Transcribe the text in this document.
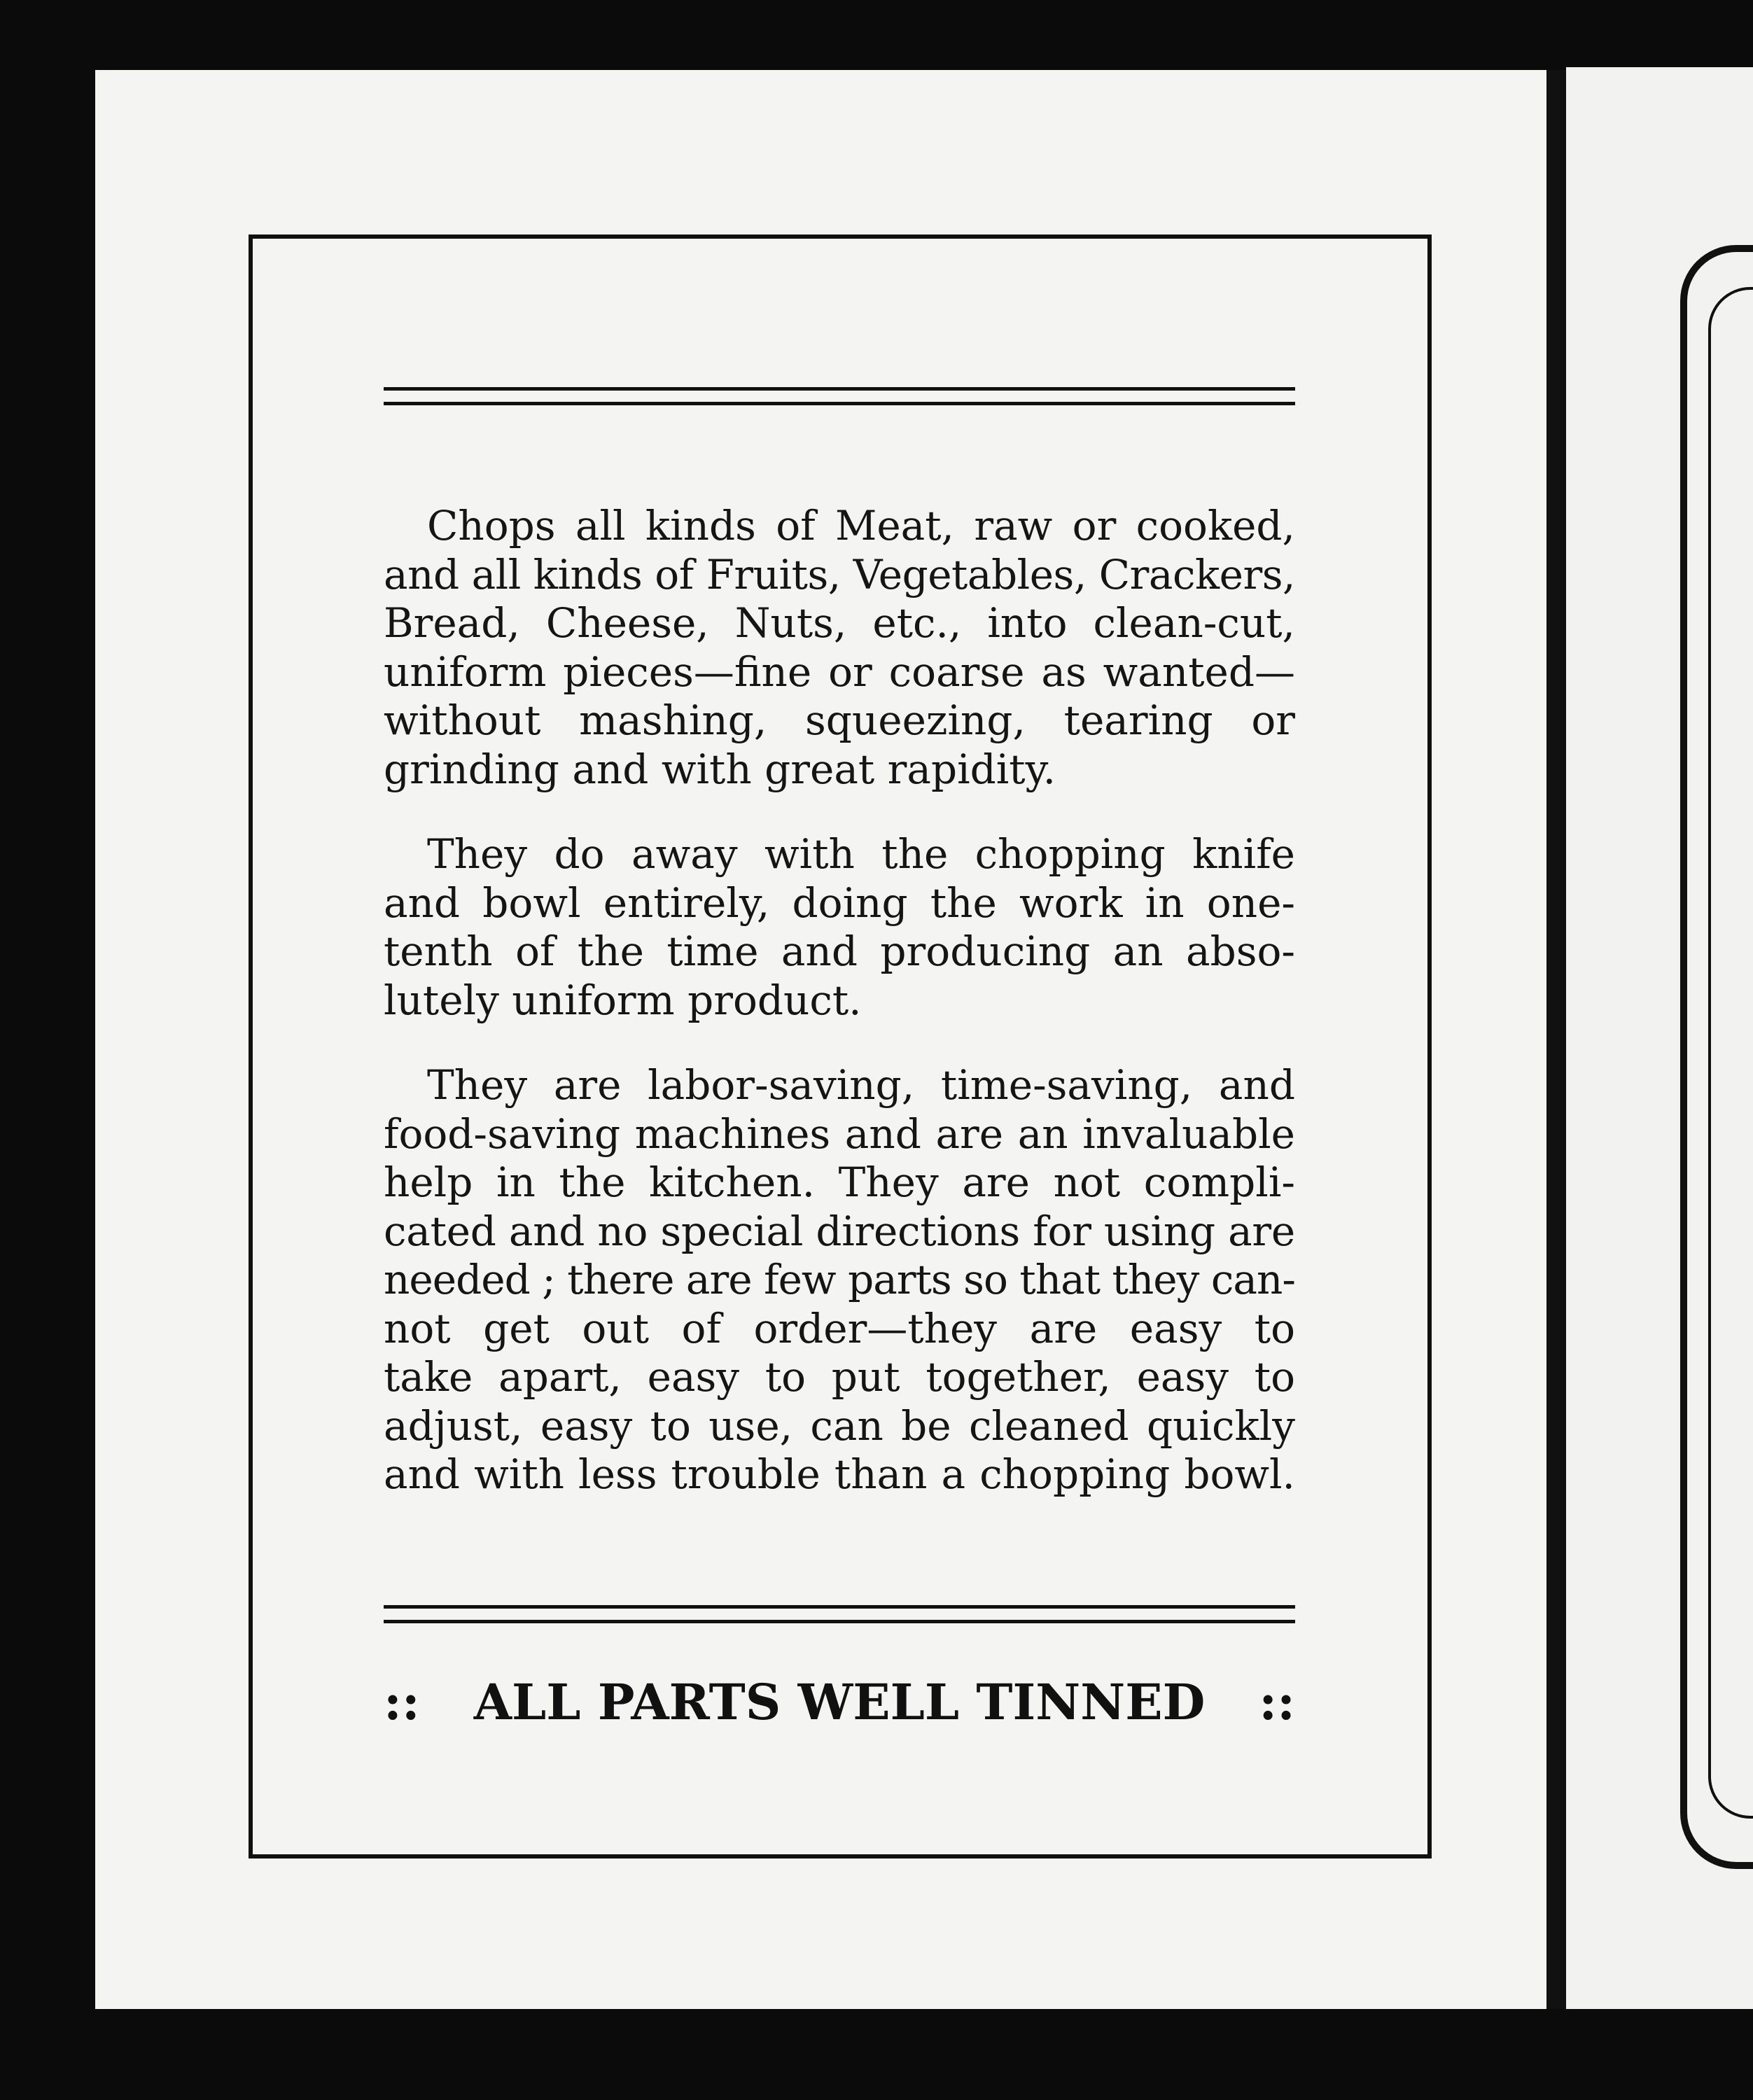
Chops all kinds of Meat, raw or cooked,
and all kinds of Fruits, Vegetables, Crackers,
Bread, Cheese, Nuts, etc., into clean-cut,
uniform pieces—fine or coarse as wanted—
without mashing, squeezing, tearing or
grinding and with great rapidity.
They do away with the chopping knife
and bowl entirely, doing the work in one-
tenth of the time and producing an abso-
lutely uniform product.
They are labor-saving, time-saving, and
food-saving machines and are an invaluable
help in the kitchen. They are not compli-
cated and no special directions for using are
needed ; there are few parts so that they can-
not get out of order—they are easy to
take apart, easy to put together, easy to
adjust, easy to use, can be cleaned quickly
and with less trouble than a chopping bowl.
:: ALL PARTS WELL TINNED ::
